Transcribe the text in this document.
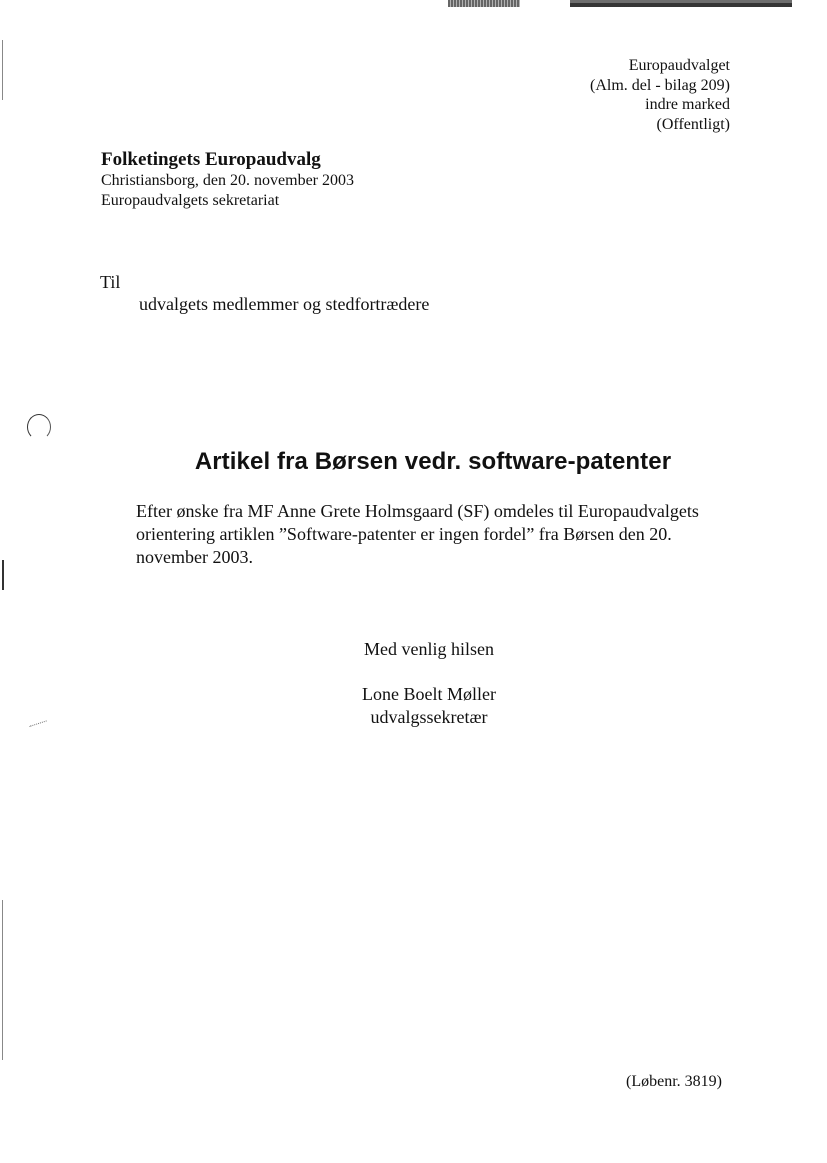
Europaudvalget
(Alm. del - bilag 209)
indre marked
(Offentligt)
Folketingets Europaudvalg
Christiansborg, den 20. november 2003
Europaudvalgets sekretariat
Til
udvalgets medlemmer og stedfortrædere
Artikel fra Børsen vedr. software-patenter
Efter ønske fra MF Anne Grete Holmsgaard (SF) omdeles til Europaudvalgets
orientering artiklen ”Software-patenter er ingen fordel” fra Børsen den 20.
november 2003.
Med venlig hilsen
Lone Boelt Møller
udvalgssekretær
(Løbenr. 3819)
